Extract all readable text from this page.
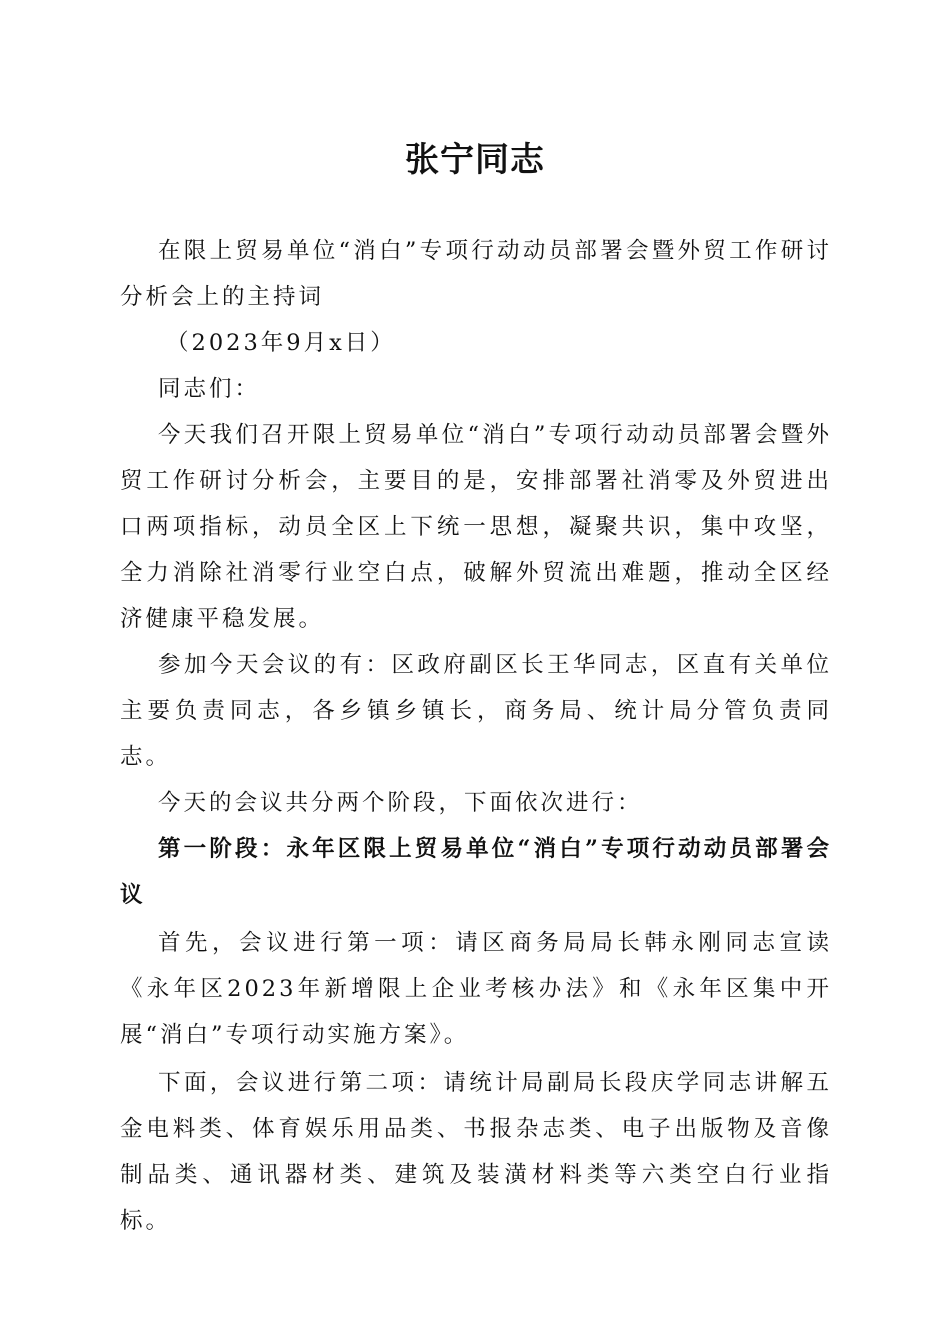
张宁同志

在限上贸易单位“消白”专项行动动员部署会暨外贸工作研讨分析会上的主持词

（2023年9月x日）

同志们：

今天我们召开限上贸易单位“消白”专项行动动员部署会暨外贸工作研讨分析会，主要目的是，安排部署社消零及外贸进出口两项指标，动员全区上下统一思想，凝聚共识，集中攻坚，全力消除社消零行业空白点，破解外贸流出难题，推动全区经济健康平稳发展。

参加今天会议的有：区政府副区长王华同志，区直有关单位主要负责同志，各乡镇乡镇长，商务局、统计局分管负责同志。

今天的会议共分两个阶段，下面依次进行：

第一阶段：永年区限上贸易单位“消白”专项行动动员部署会议

首先，会议进行第一项：请区商务局局长韩永刚同志宣读《永年区2023年新增限上企业考核办法》和《永年区集中开展“消白”专项行动实施方案》。

下面，会议进行第二项：请统计局副局长段庆学同志讲解五金电料类、体育娱乐用品类、书报杂志类、电子出版物及音像制品类、通讯器材类、建筑及装潢材料类等六类空白行业指标。
